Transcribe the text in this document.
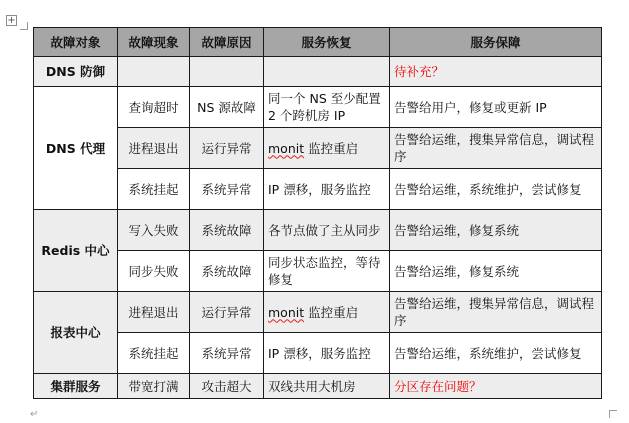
+
↵
故障对象	故障现象	故障原因	服务恢复	服务保障
DNS 防御				待补充？
DNS 代理	查询超时	NS 源故障	同一个 NS 至少配置 2 个跨机房 IP	告警给用户，修复或更新 IP
	进程退出	运行异常	monit 监控重启	告警给运维，搜集异常信息，调试程序
	系统挂起	系统异常	IP 漂移，服务监控	告警给运维，系统维护，尝试修复
Redis 中心	写入失败	系统故障	各节点做了主从同步	告警给运维，修复系统
	同步失败	系统故障	同步状态监控，等待修复	告警给运维，修复系统
报表中心	进程退出	运行异常	monit 监控重启	告警给运维，搜集异常信息，调试程序
	系统挂起	系统异常	IP 漂移，服务监控	告警给运维，系统维护，尝试修复
集群服务	带宽打满	攻击超大	双线共用大机房	分区存在问题？
